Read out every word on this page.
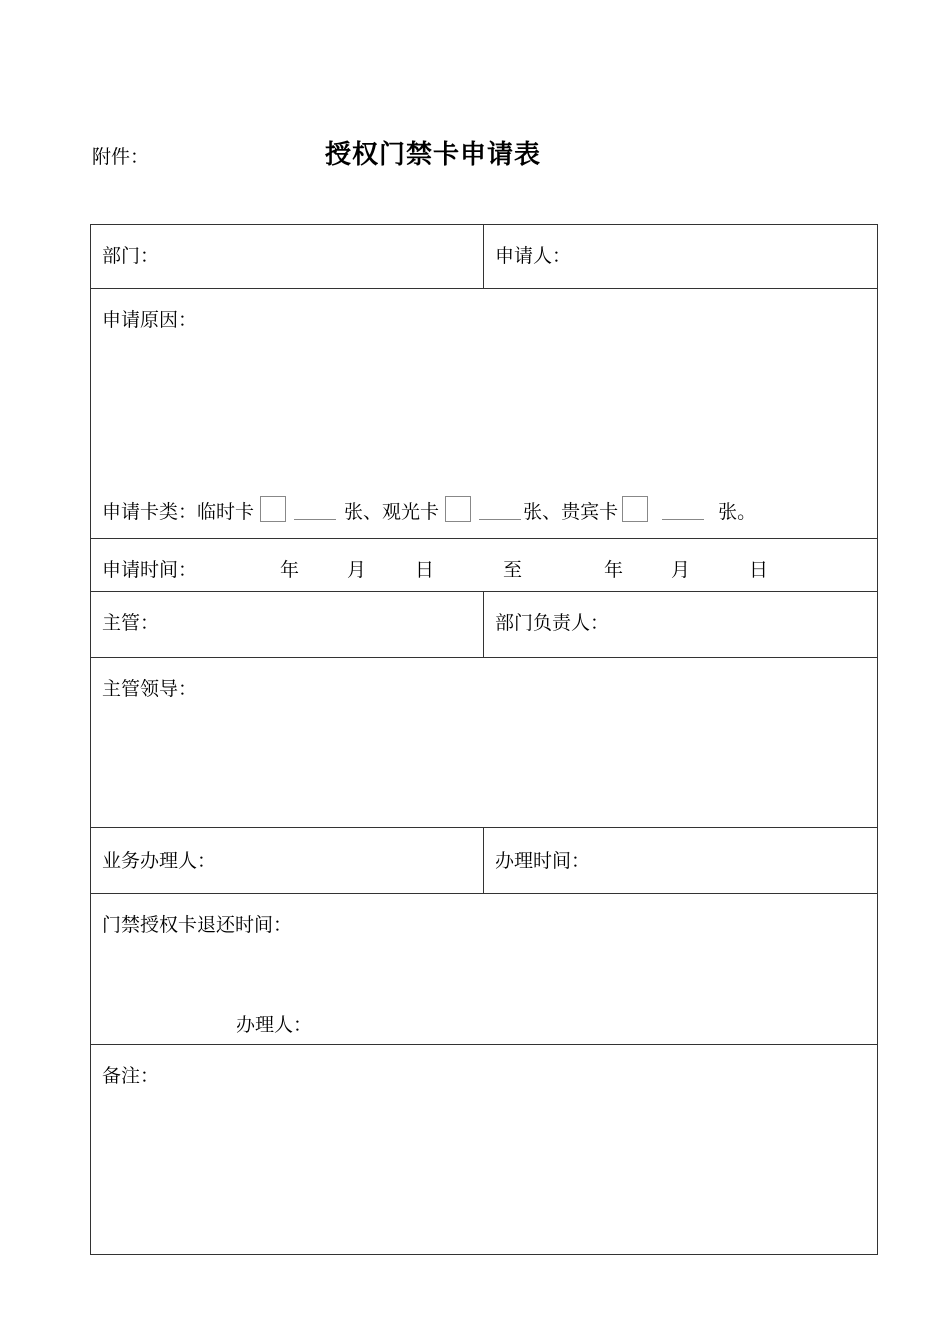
附件：	授权门禁卡申请表
部门：	申请人：
申请原因：
申请卡类： 临时卡	张、 观光卡	张、 贵宾卡	张。
申请时间：	年	月	日	至	年	月	日
主管：	部门负责人：
主管领导：
业务办理人：	办理时间：
门禁授权卡退还时间：
办理人：
备注：
